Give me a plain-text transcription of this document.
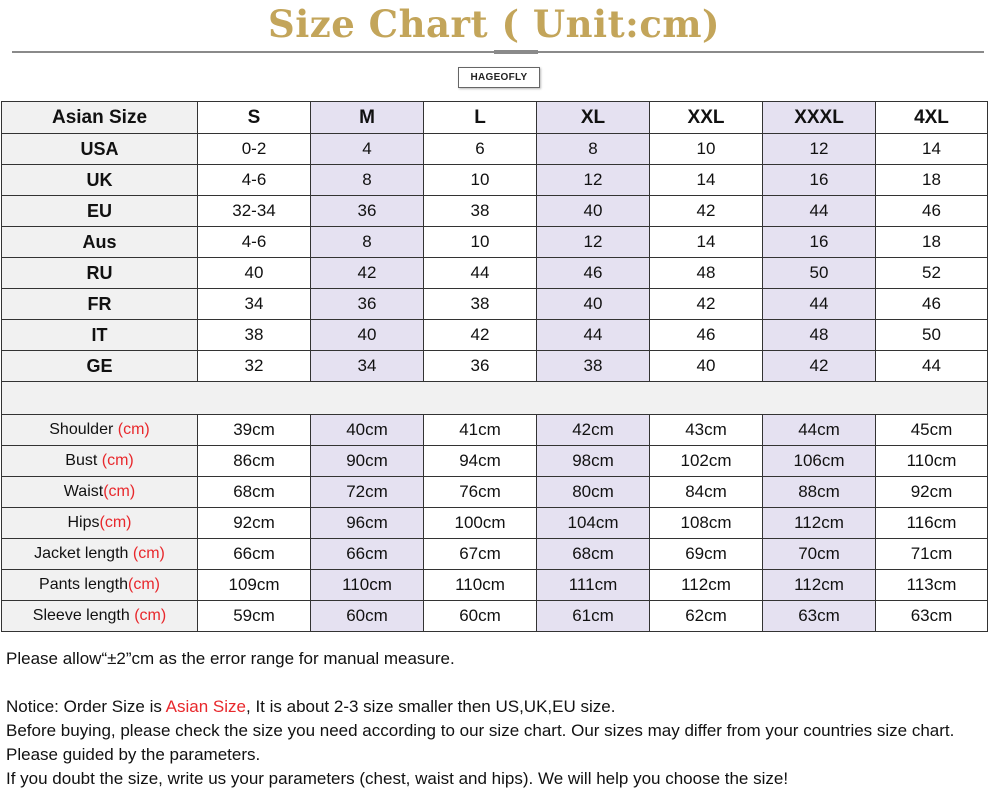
Size Chart ( Unit:cm)
HAGEOFLY
Asian Size	S	M	L	XL	XXL	XXXL	4XL
USA	0-2	4	6	8	10	12	14
UK	4-6	8	10	12	14	16	18
EU	32-34	36	38	40	42	44	46
Aus	4-6	8	10	12	14	16	18
RU	40	42	44	46	48	50	52
FR	34	36	38	40	42	44	46
IT	38	40	42	44	46	48	50
GE	32	34	36	38	40	42	44

Shoulder (cm)	39cm	40cm	41cm	42cm	43cm	44cm	45cm
Bust (cm)	86cm	90cm	94cm	98cm	102cm	106cm	110cm
Waist(cm)	68cm	72cm	76cm	80cm	84cm	88cm	92cm
Hips(cm)	92cm	96cm	100cm	104cm	108cm	112cm	116cm
Jacket length (cm)	66cm	66cm	67cm	68cm	69cm	70cm	71cm
Pants length(cm)	109cm	110cm	110cm	111cm	112cm	112cm	113cm
Sleeve length (cm)	59cm	60cm	60cm	61cm	62cm	63cm	63cm

Please allow“±2”cm as the error range for manual measure.

Notice: Order Size is Asian Size, It is about 2-3 size smaller then US,UK,EU size.

Before buying, please check the size you need according to our size chart. Our sizes may differ from your countries size chart. Please guided by the parameters.

If you doubt the size, write us your parameters (chest, waist and hips). We will help you choose the size!
